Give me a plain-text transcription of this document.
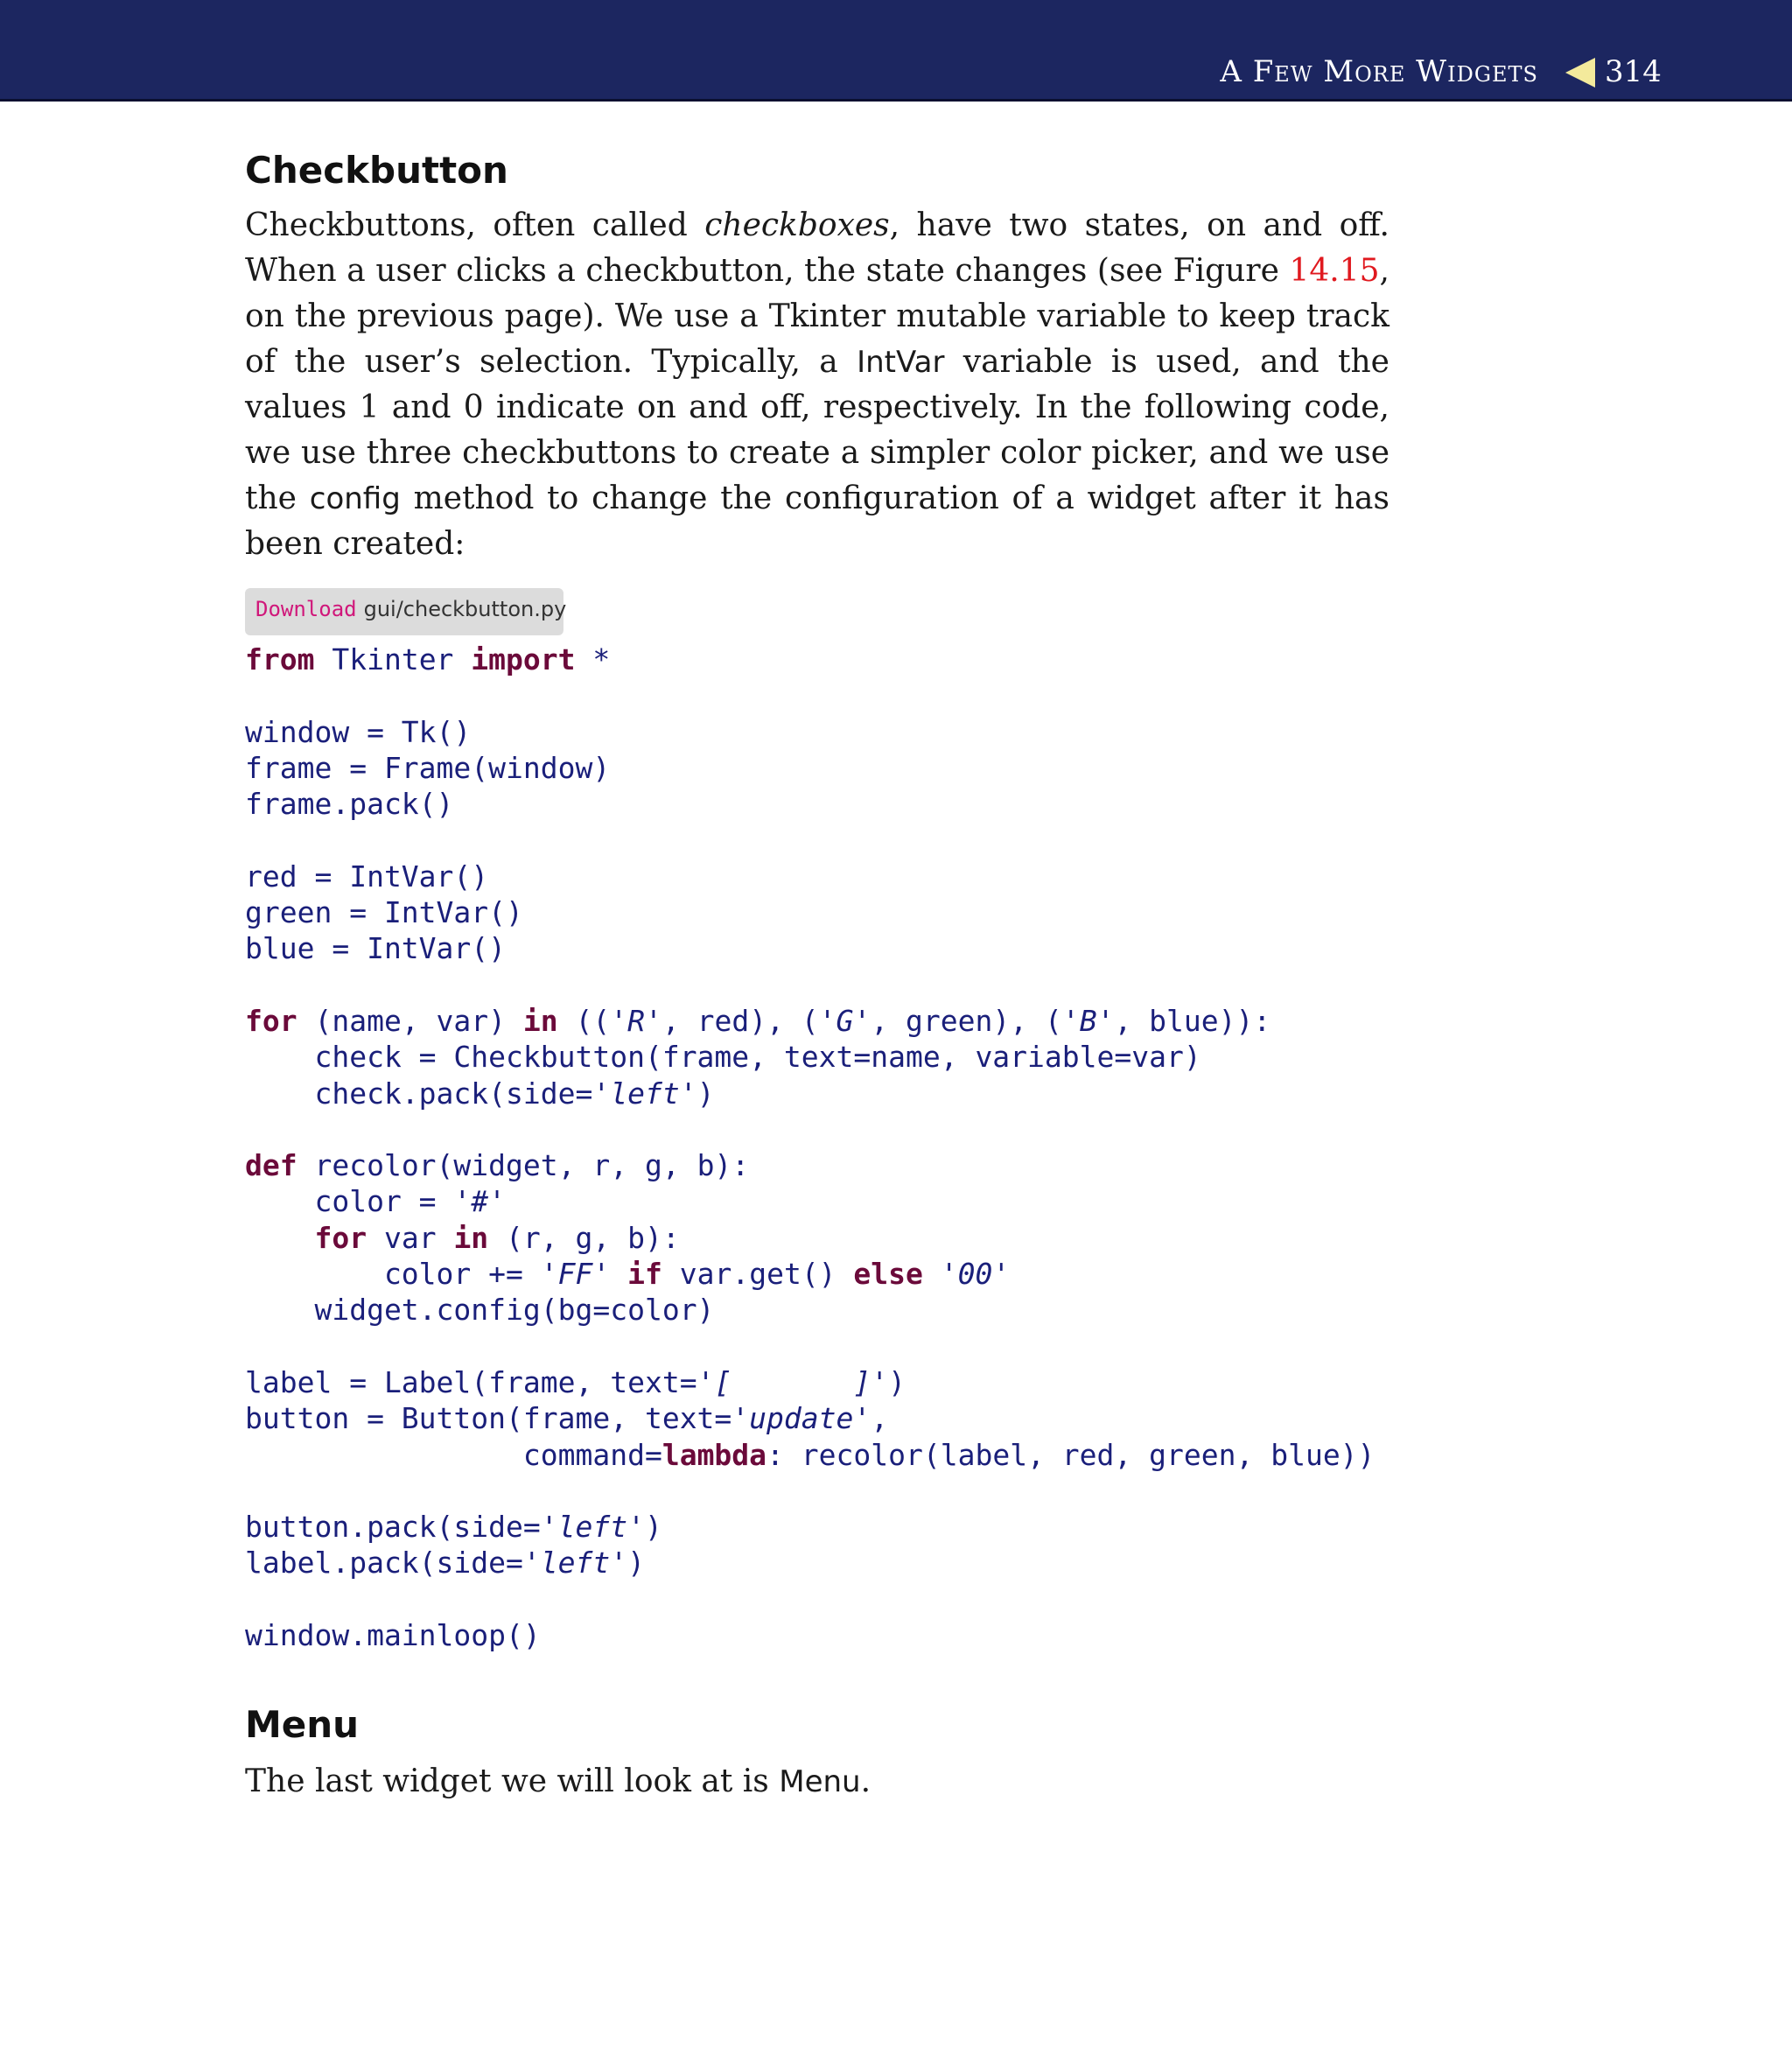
A Few More Widgets 314
Checkbutton

Checkbuttons, often called checkboxes, have two states, on and off. When a user clicks a checkbutton, the state changes (see Figure 14.15, on the previous page). We use a Tkinter mutable variable to keep track of the user’s selection. Typically, a IntVar variable is used, and the values 1 and 0 indicate on and off, respectively. In the following code, we use three checkbuttons to create a simpler color picker, and we use the config method to change the configuration of a widget after it has been created:

Download gui/checkbutton.py
from Tkinter import *

window = Tk()
frame = Frame(window)
frame.pack()

red = IntVar()
green = IntVar()
blue = IntVar()

for (name, var) in (('R', red), ('G', green), ('B', blue)):
check = Checkbutton(frame, text=name, variable=var)
check.pack(side='left')

def recolor(widget, r, g, b):
color = '#'
for var in (r, g, b):
color += 'FF' if var.get() else '00'
widget.config(bg=color)

label = Label(frame, text='[       ]')
button = Button(frame, text='update',
command=lambda: recolor(label, red, green, blue))

button.pack(side='left')
label.pack(side='left')

window.mainloop()
Menu

The last widget we will look at is Menu.
